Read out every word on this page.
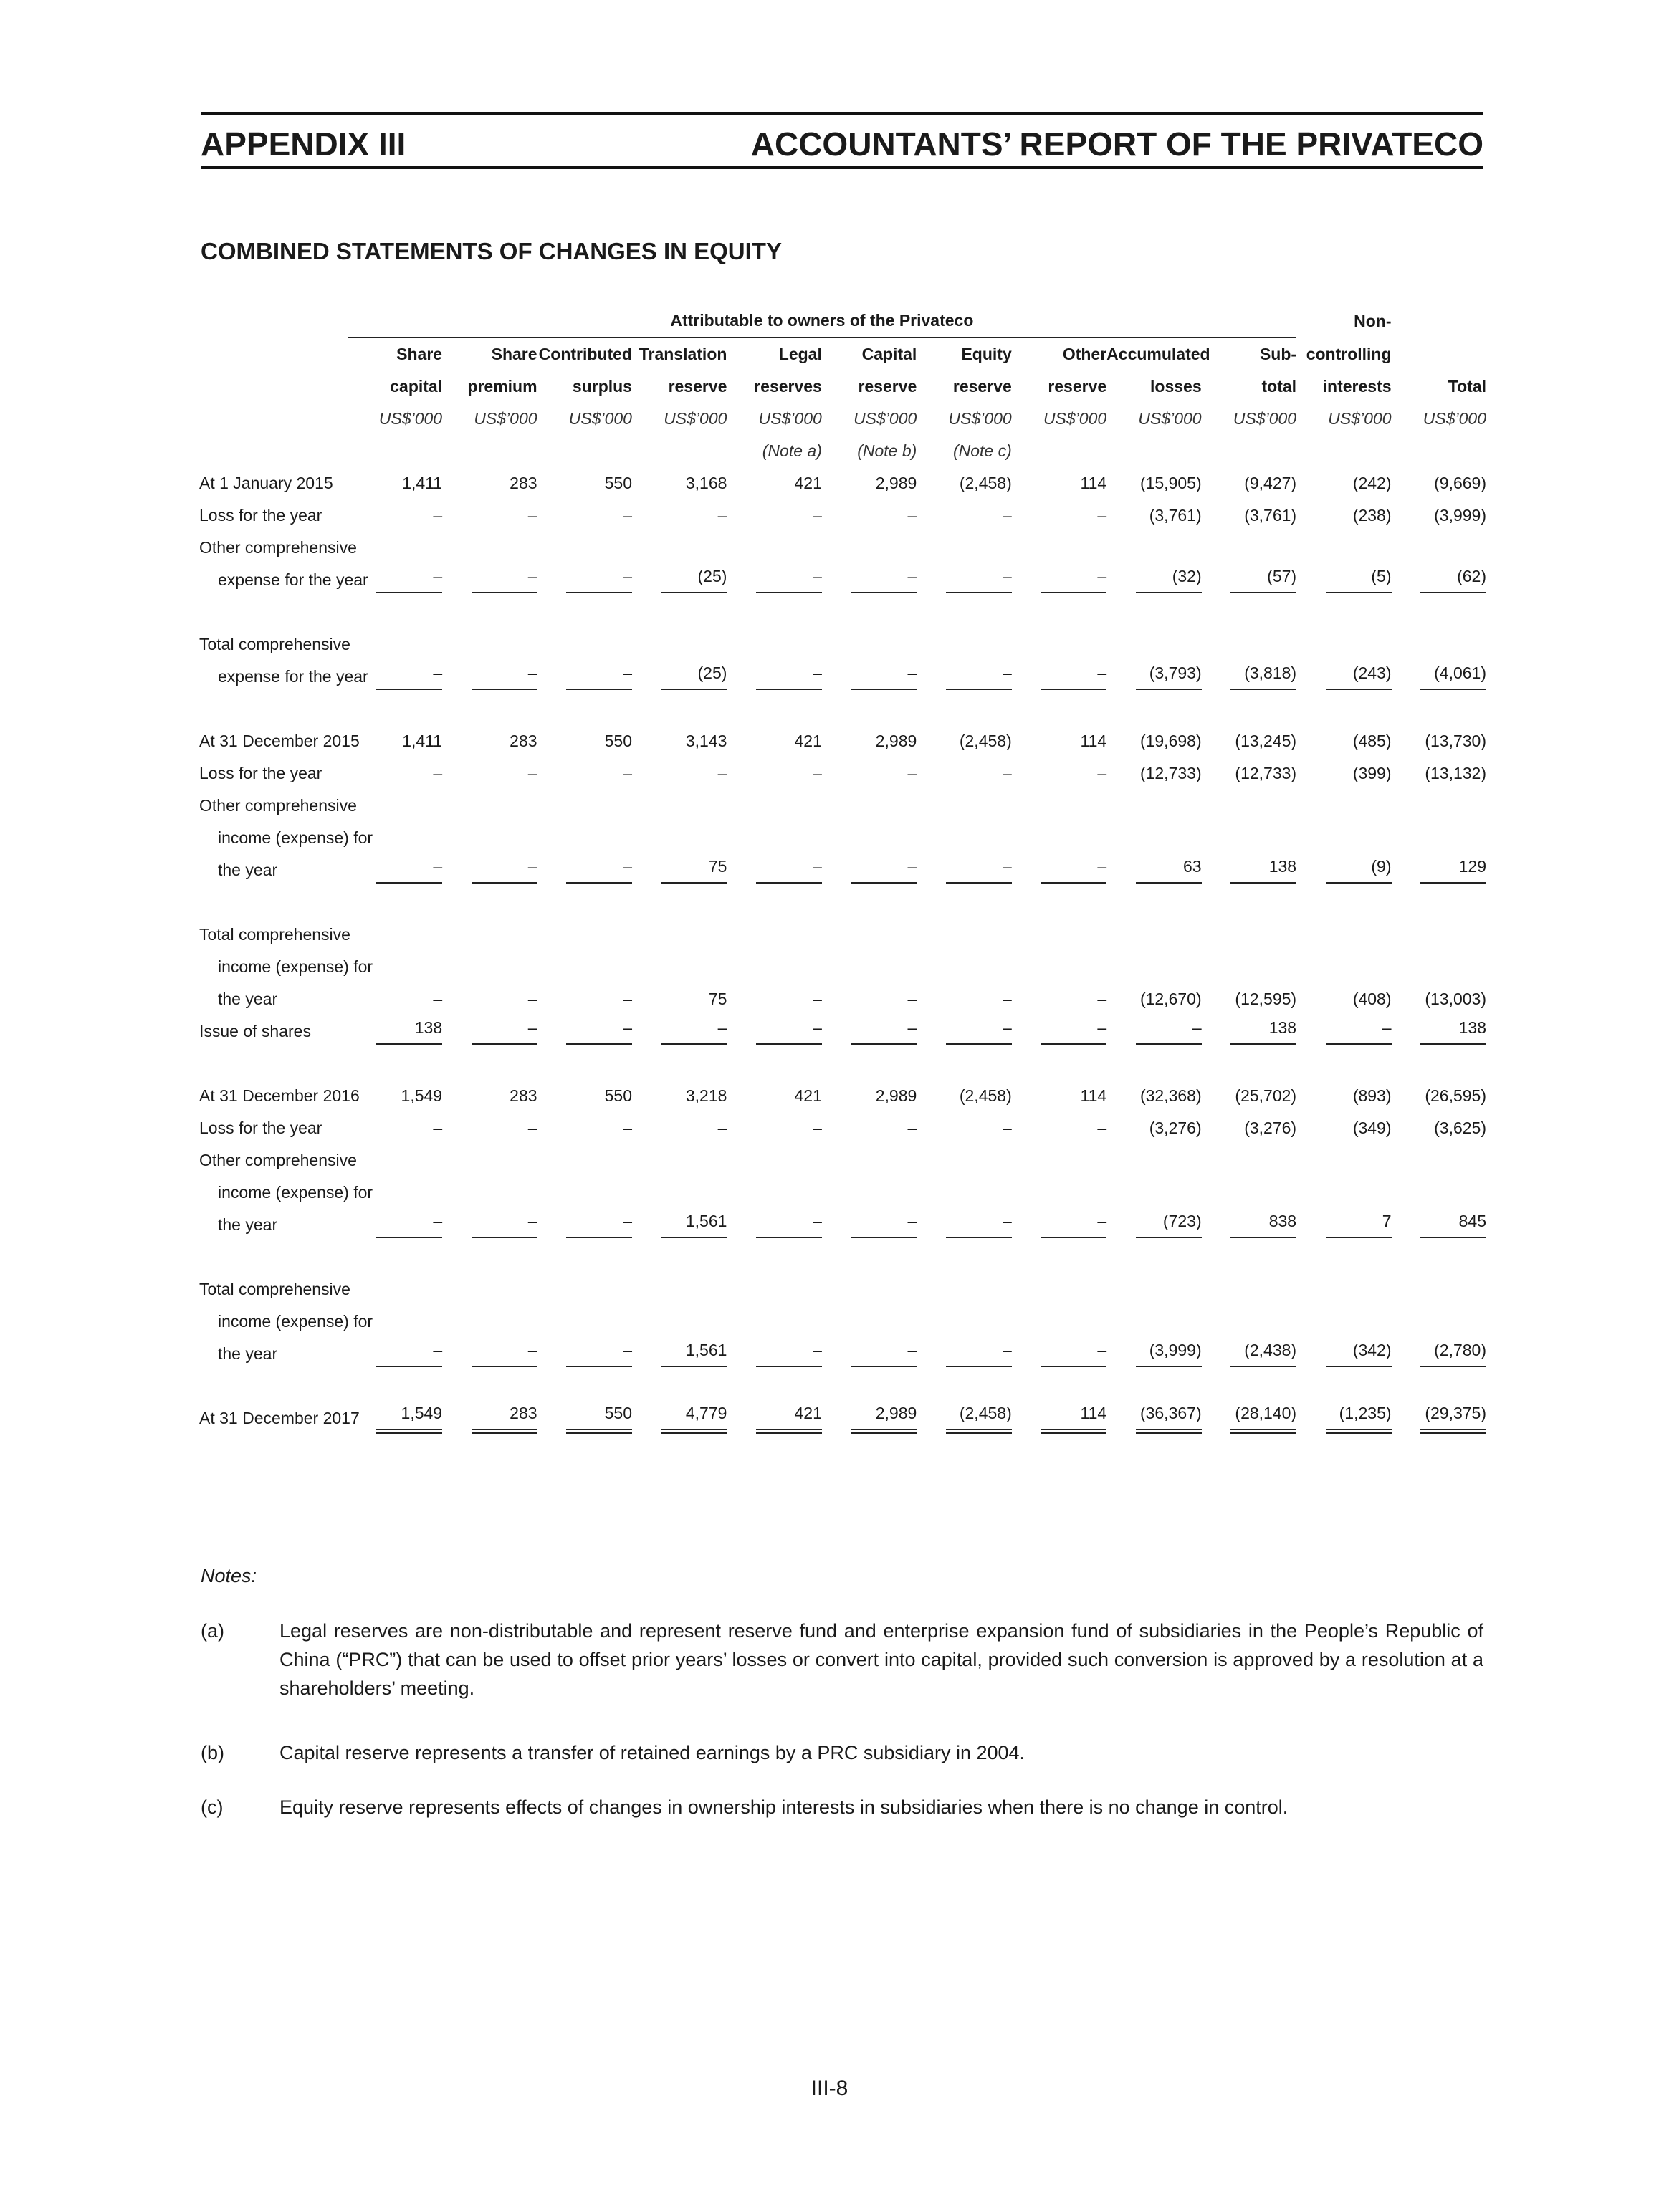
APPENDIX III	ACCOUNTANTS’ REPORT OF THE PRIVATECO
COMBINED STATEMENTS OF CHANGES IN EQUITY
	Attributable to owners of the Privateco										Non-	
	Share	Share	Contributed	Translation	Legal	Capital	Equity	Other	Accumulated	Sub-	controlling	
	capital	premium	surplus	reserve	reserves	reserve	reserve	reserve	losses	total	interests	Total
	US$’000	US$’000	US$’000	US$’000	US$’000	US$’000	US$’000	US$’000	US$’000	US$’000	US$’000	US$’000
					(Note a)	(Note b)	(Note c)					
At 1 January 2015	1,411	283	550	3,168	421	2,989	(2,458)	114	(15,905)	(9,427)	(242)	(9,669)
Loss for the year	–	–	–	–	–	–	–	–	(3,761)	(3,761)	(238)	(3,999)
Other comprehensive												
expense for the year	–	–	–	(25)	–	–	–	–	(32)	(57)	(5)	(62)

Total comprehensive												
expense for the year	–	–	–	(25)	–	–	–	–	(3,793)	(3,818)	(243)	(4,061)

At 31 December 2015	1,411	283	550	3,143	421	2,989	(2,458)	114	(19,698)	(13,245)	(485)	(13,730)
Loss for the year	–	–	–	–	–	–	–	–	(12,733)	(12,733)	(399)	(13,132)
Other comprehensive												
income (expense) for												
the year	–	–	–	75	–	–	–	–	63	138	(9)	129

Total comprehensive												
income (expense) for												
the year	–	–	–	75	–	–	–	–	(12,670)	(12,595)	(408)	(13,003)
Issue of shares	138	–	–	–	–	–	–	–	–	138	–	138

At 31 December 2016	1,549	283	550	3,218	421	2,989	(2,458)	114	(32,368)	(25,702)	(893)	(26,595)
Loss for the year	–	–	–	–	–	–	–	–	(3,276)	(3,276)	(349)	(3,625)
Other comprehensive												
income (expense) for												
the year	–	–	–	1,561	–	–	–	–	(723)	838	7	845

Total comprehensive												
income (expense) for												
the year	–	–	–	1,561	–	–	–	–	(3,999)	(2,438)	(342)	(2,780)

At 31 December 2017	1,549	283	550	4,779	421	2,989	(2,458)	114	(36,367)	(28,140)	(1,235)	(29,375)
Notes:
(a)	Legal reserves are non-distributable and represent reserve fund and enterprise expansion fund of subsidiaries in the People’s Republic of China (“PRC”) that can be used to offset prior years’ losses or convert into capital, provided such conversion is approved by a resolution at a shareholders’ meeting.
(b)	Capital reserve represents a transfer of retained earnings by a PRC subsidiary in 2004.
(c)	Equity reserve represents effects of changes in ownership interests in subsidiaries when there is no change in control.
III-8
